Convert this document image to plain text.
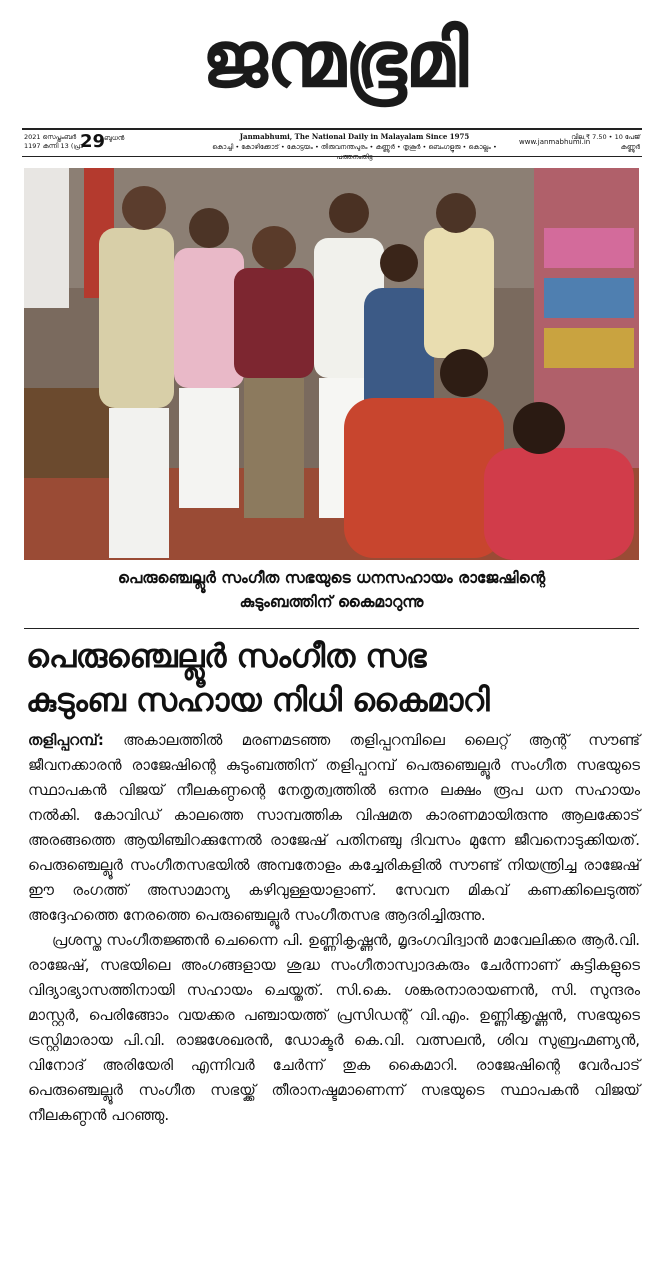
ജന്മഭൂമി
2021 സെപ്തംബർ
1197 കന്നി 13 (പ്രാ
29
ബുധൻ	Janmabhumi, The National Daily in Malayalam Since 1975
കൊച്ചി • കോഴിക്കോട് • കോട്ടയം • തിരുവനന്തപുരം • കണ്ണൂർ • തൃശൂർ • ബെംഗളൂരു • കൊല്ലം • പത്തനംതിട്ട
www.janmabhumi.in
വില ₹ 7.50 • 10 പേജ്
കണ്ണൂർ
പെരുഞ്ചെല്ലൂർ സംഗീത സഭയുടെ ധനസഹായം രാജേഷിന്റെ
കുടുംബത്തിന് കൈമാറുന്നു
പെരുഞ്ചെല്ലൂർ സംഗീത സഭ
കുടുംബ സഹായ നിധി കൈമാറി

തളിപ്പറമ്പ്: അകാലത്തിൽ മരണമടഞ്ഞ തളിപ്പറമ്പിലെ ലൈറ്റ് ആന്റ് സൗണ്ട് ജീവനക്കാരൻ രാജേഷിന്റെ കുടുംബത്തിന് തളിപ്പറമ്പ് പെരുഞ്ചെല്ലൂർ സംഗീത സഭയുടെ സ്ഥാപകൻ വിജയ് നീലകണ്ഠന്റെ നേതൃത്വത്തിൽ ഒന്നര ലക്ഷം രൂപ ധന സഹായം നൽകി. കോവിഡ് കാലത്തെ സാമ്പത്തിക വിഷമത കാരണമായിരുന്നു ആലക്കോട് അരങ്ങത്തെ ആയിഞ്ചിറക്കുന്നേൽ രാജേഷ് പതിനഞ്ചു ദിവസം മുന്നേ ജീവനൊടുക്കിയത്. പെരുഞ്ചെല്ലൂർ സംഗീതസഭയിൽ അമ്പതോളം കച്ചേരികളിൽ സൗണ്ട് നിയന്ത്രിച്ച രാജേഷ് ഈ രംഗത്ത് അസാമാന്യ കഴിവുള്ളയാളാണ്. സേവന മികവ് കണക്കിലെടുത്ത് അദ്ദേഹത്തെ നേരത്തെ പെരുഞ്ചെല്ലൂർ സംഗീതസഭ ആദരിച്ചിരുന്നു.

പ്രശസ്ത സംഗീതജ്ഞൻ ചെന്നൈ പി. ഉണ്ണികൃഷ്ണൻ, മൃദംഗവിദ്വാൻ മാവേലിക്കര ആർ.വി. രാജേഷ്, സഭയിലെ അംഗങ്ങളായ ശുദ്ധ സംഗീതാസ്വാദകരും ചേർന്നാണ് കുട്ടികളുടെ വിദ്യാഭ്യാസത്തിനായി സഹായം ചെയ്തത്. സി.കെ. ശങ്കരനാരായണൻ, സി. സുന്ദരം മാസ്റ്റർ, പെരിങ്ങോം വയക്കര പഞ്ചായത്ത് പ്രസിഡന്റ് വി.എം. ഉണ്ണിക്കൃഷ്ണൻ, സഭയുടെ ട്രസ്റ്റിമാരായ പി.വി. രാജശേഖരൻ, ഡോക്ടർ കെ.വി. വത്സലൻ, ശിവ സുബ്രഹ്മണ്യൻ, വിനോദ് അരിയേരി എന്നിവർ ചേർന്ന് തുക കൈമാറി. രാജേഷിന്റെ വേർപാട് പെരുഞ്ചെല്ലൂർ സംഗീത സഭയ്ക്ക് തീരാനഷ്ടമാണെന്ന് സഭയുടെ സ്ഥാപകൻ വിജയ് നീലകണ്ഠൻ പറഞ്ഞു.
